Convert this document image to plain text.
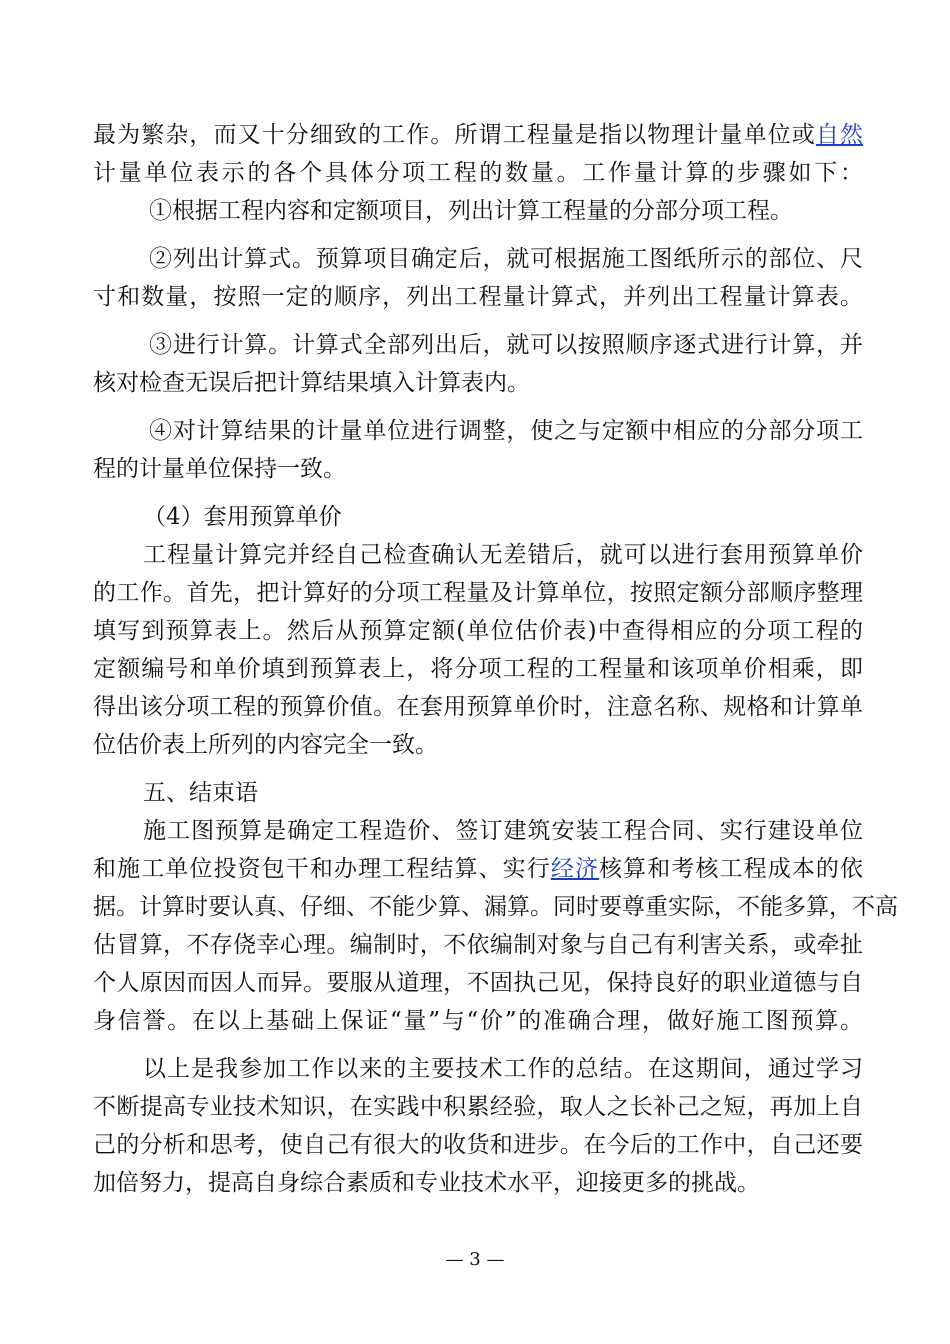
最为繁杂，而又十分细致的工作。所谓工程量是指以物理计量单位或自然
计量单位表示的各个具体分项工程的数量。工作量计算的步骤如下：
①根据工程内容和定额项目，列出计算工程量的分部分项工程。
②列出计算式。预算项目确定后，就可根据施工图纸所示的部位、尺
寸和数量，按照一定的顺序，列出工程量计算式，并列出工程量计算表。
③进行计算。计算式全部列出后，就可以按照顺序逐式进行计算，并
核对检查无误后把计算结果填入计算表内。
④对计算结果的计量单位进行调整，使之与定额中相应的分部分项工
程的计量单位保持一致。
（4）套用预算单价
工程量计算完并经自己检查确认无差错后，就可以进行套用预算单价
的工作。首先，把计算好的分项工程量及计算单位，按照定额分部顺序整理
填写到预算表上。然后从预算定额(单位估价表)中查得相应的分项工程的
定额编号和单价填到预算表上，将分项工程的工程量和该项单价相乘，即
得出该分项工程的预算价值。在套用预算单价时，注意名称、规格和计算单
位估价表上所列的内容完全一致。
五、结束语
施工图预算是确定工程造价、签订建筑安装工程合同、实行建设单位
和施工单位投资包干和办理工程结算、实行经济核算和考核工程成本的依
据。计算时要认真、仔细、不能少算、漏算。同时要尊重实际，不能多算，不高
估冒算，不存侥幸心理。编制时，不依编制对象与自己有利害关系，或牵扯
个人原因而因人而异。要服从道理，不固执己见，保持良好的职业道德与自
身信誉。在以上基础上保证“量”与“价”的准确合理，做好施工图预算。
以上是我参加工作以来的主要技术工作的总结。在这期间，通过学习
不断提高专业技术知识，在实践中积累经验，取人之长补己之短，再加上自
己的分析和思考，使自己有很大的收货和进步。在今后的工作中，自己还要
加倍努力，提高自身综合素质和专业技术水平，迎接更多的挑战。
— 3 —
